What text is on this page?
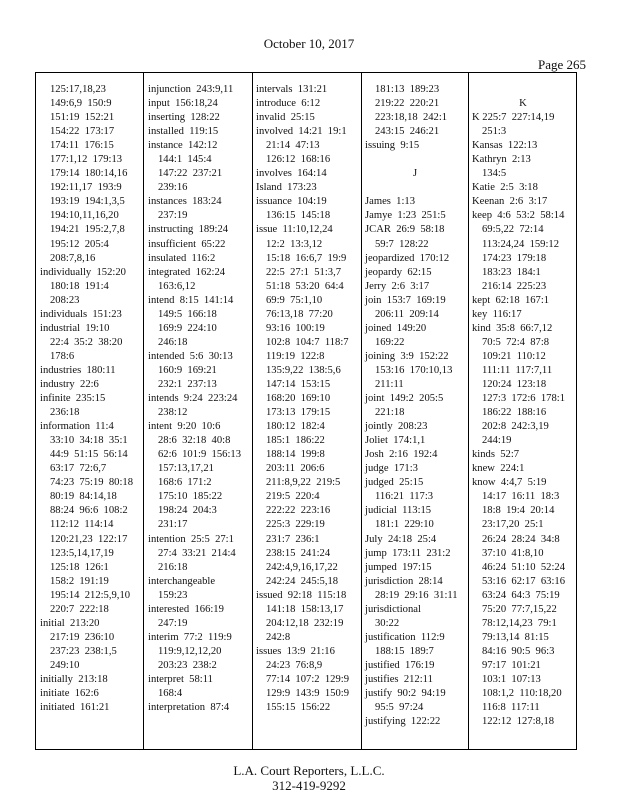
October 10, 2017
Page 265
125:17,18,23
149:6,9  150:9
151:19  152:21
154:22  173:17
174:11  176:15
177:1,12  179:13
179:14  180:14,16
192:11,17  193:9
193:19  194:1,3,5
194:10,11,16,20
194:21  195:2,7,8
195:12  205:4
208:7,8,16
individually  152:20
180:18  191:4
208:23
individuals  151:23
industrial  19:10
22:4  35:2  38:20
178:6
industries  180:11
industry  22:6
infinite  235:15
236:18
information  11:4
33:10  34:18  35:1
44:9  51:15  56:14
63:17  72:6,7
74:23  75:19  80:18
80:19  84:14,18
88:24  96:6  108:2
112:12  114:14
120:21,23  122:17
123:5,14,17,19
125:18  126:1
158:2  191:19
195:14  212:5,9,10
220:7  222:18
initial  213:20
217:19  236:10
237:23  238:1,5
249:10
initially  213:18
initiate  162:6
initiated  161:21
injunction  243:9,11
input  156:18,24
inserting  128:22
installed  119:15
instance  142:12
144:1  145:4
147:22  237:21
239:16
instances  183:24
237:19
instructing  189:24
insufficient  65:22
insulated  116:2
integrated  162:24
163:6,12
intend  8:15  141:14
149:5  166:18
169:9  224:10
246:18
intended  5:6  30:13
160:9  169:21
232:1  237:13
intends  9:24  223:24
238:12
intent  9:20  10:6
28:6  32:18  40:8
62:6  101:9  156:13
157:13,17,21
168:6  171:2
175:10  185:22
198:24  204:3
231:17
intention  25:5  27:1
27:4  33:21  214:4
216:18
interchangeable
159:23
interested  166:19
247:19
interim  77:2  119:9
119:9,12,12,20
203:23  238:2
interpret  58:11
168:4
interpretation  87:4
intervals  131:21
introduce  6:12
invalid  25:15
involved  14:21  19:1
21:14  47:13
126:12  168:16
involves  164:14
Island  173:23
issuance  104:19
136:15  145:18
issue  11:10,12,24
12:2  13:3,12
15:18  16:6,7  19:9
22:5  27:1  51:3,7
51:18  53:20  64:4
69:9  75:1,10
76:13,18  77:20
93:16  100:19
102:8  104:7  118:7
119:19  122:8
135:9,22  138:5,6
147:14  153:15
168:20  169:10
173:13  179:15
180:12  182:4
185:1  186:22
188:14  199:8
203:11  206:6
211:8,9,22  219:5
219:5  220:4
222:22  223:16
225:3  229:19
231:7  236:1
238:15  241:24
242:4,9,16,17,22
242:24  245:5,18
issued  92:18  115:18
141:18  158:13,17
204:12,18  232:19
242:8
issues  13:9  21:16
24:23  76:8,9
77:14  107:2  129:9
129:9  143:9  150:9
155:15  156:22
181:13  189:23
219:22  220:21
223:18,18  242:1
243:15  246:21
issuing  9:15
J
James  1:13
Jamye  1:23  251:5
JCAR  26:9  58:18
59:7  128:22
jeopardized  170:12
jeopardy  62:15
Jerry  2:6  3:17
join  153:7  169:19
206:11  209:14
joined  149:20
169:22
joining  3:9  152:22
153:16  170:10,13
211:11
joint  149:2  205:5
221:18
jointly  208:23
Joliet  174:1,1
Josh  2:16  192:4
judge  171:3
judged  25:15
116:21  117:3
judicial  113:15
181:1  229:10
July  24:18  25:4
jump  173:11  231:2
jumped  197:15
jurisdiction  28:14
28:19  29:16  31:11
jurisdictional
30:22
justification  112:9
188:15  189:7
justified  176:19
justifies  212:11
justify  90:2  94:19
95:5  97:24
justifying  122:22
K
K 225:7  227:14,19
251:3
Kansas  122:13
Kathryn  2:13
134:5
Katie  2:5  3:18
Keenan  2:6  3:17
keep  4:6  53:2  58:14
69:5,22  72:14
113:24,24  159:12
174:23  179:18
183:23  184:1
216:14  225:23
kept  62:18  167:1
key  116:17
kind  35:8  66:7,12
70:5  72:4  87:8
109:21  110:12
111:11  117:7,11
120:24  123:18
127:3  172:6  178:1
186:22  188:16
202:8  242:3,19
244:19
kinds  52:7
knew  224:1
know  4:4,7  5:19
14:17  16:11  18:3
18:8  19:4  20:14
23:17,20  25:1
26:24  28:24  34:8
37:10  41:8,10
46:24  51:10  52:24
53:16  62:17  63:16
63:24  64:3  75:19
75:20  77:7,15,22
78:12,14,23  79:1
79:13,14  81:15
84:16  90:5  96:3
97:17  101:21
103:1  107:13
108:1,2  110:18,20
116:8  117:11
122:12  127:8,18
L.A. Court Reporters, L.L.C.
312-419-9292
